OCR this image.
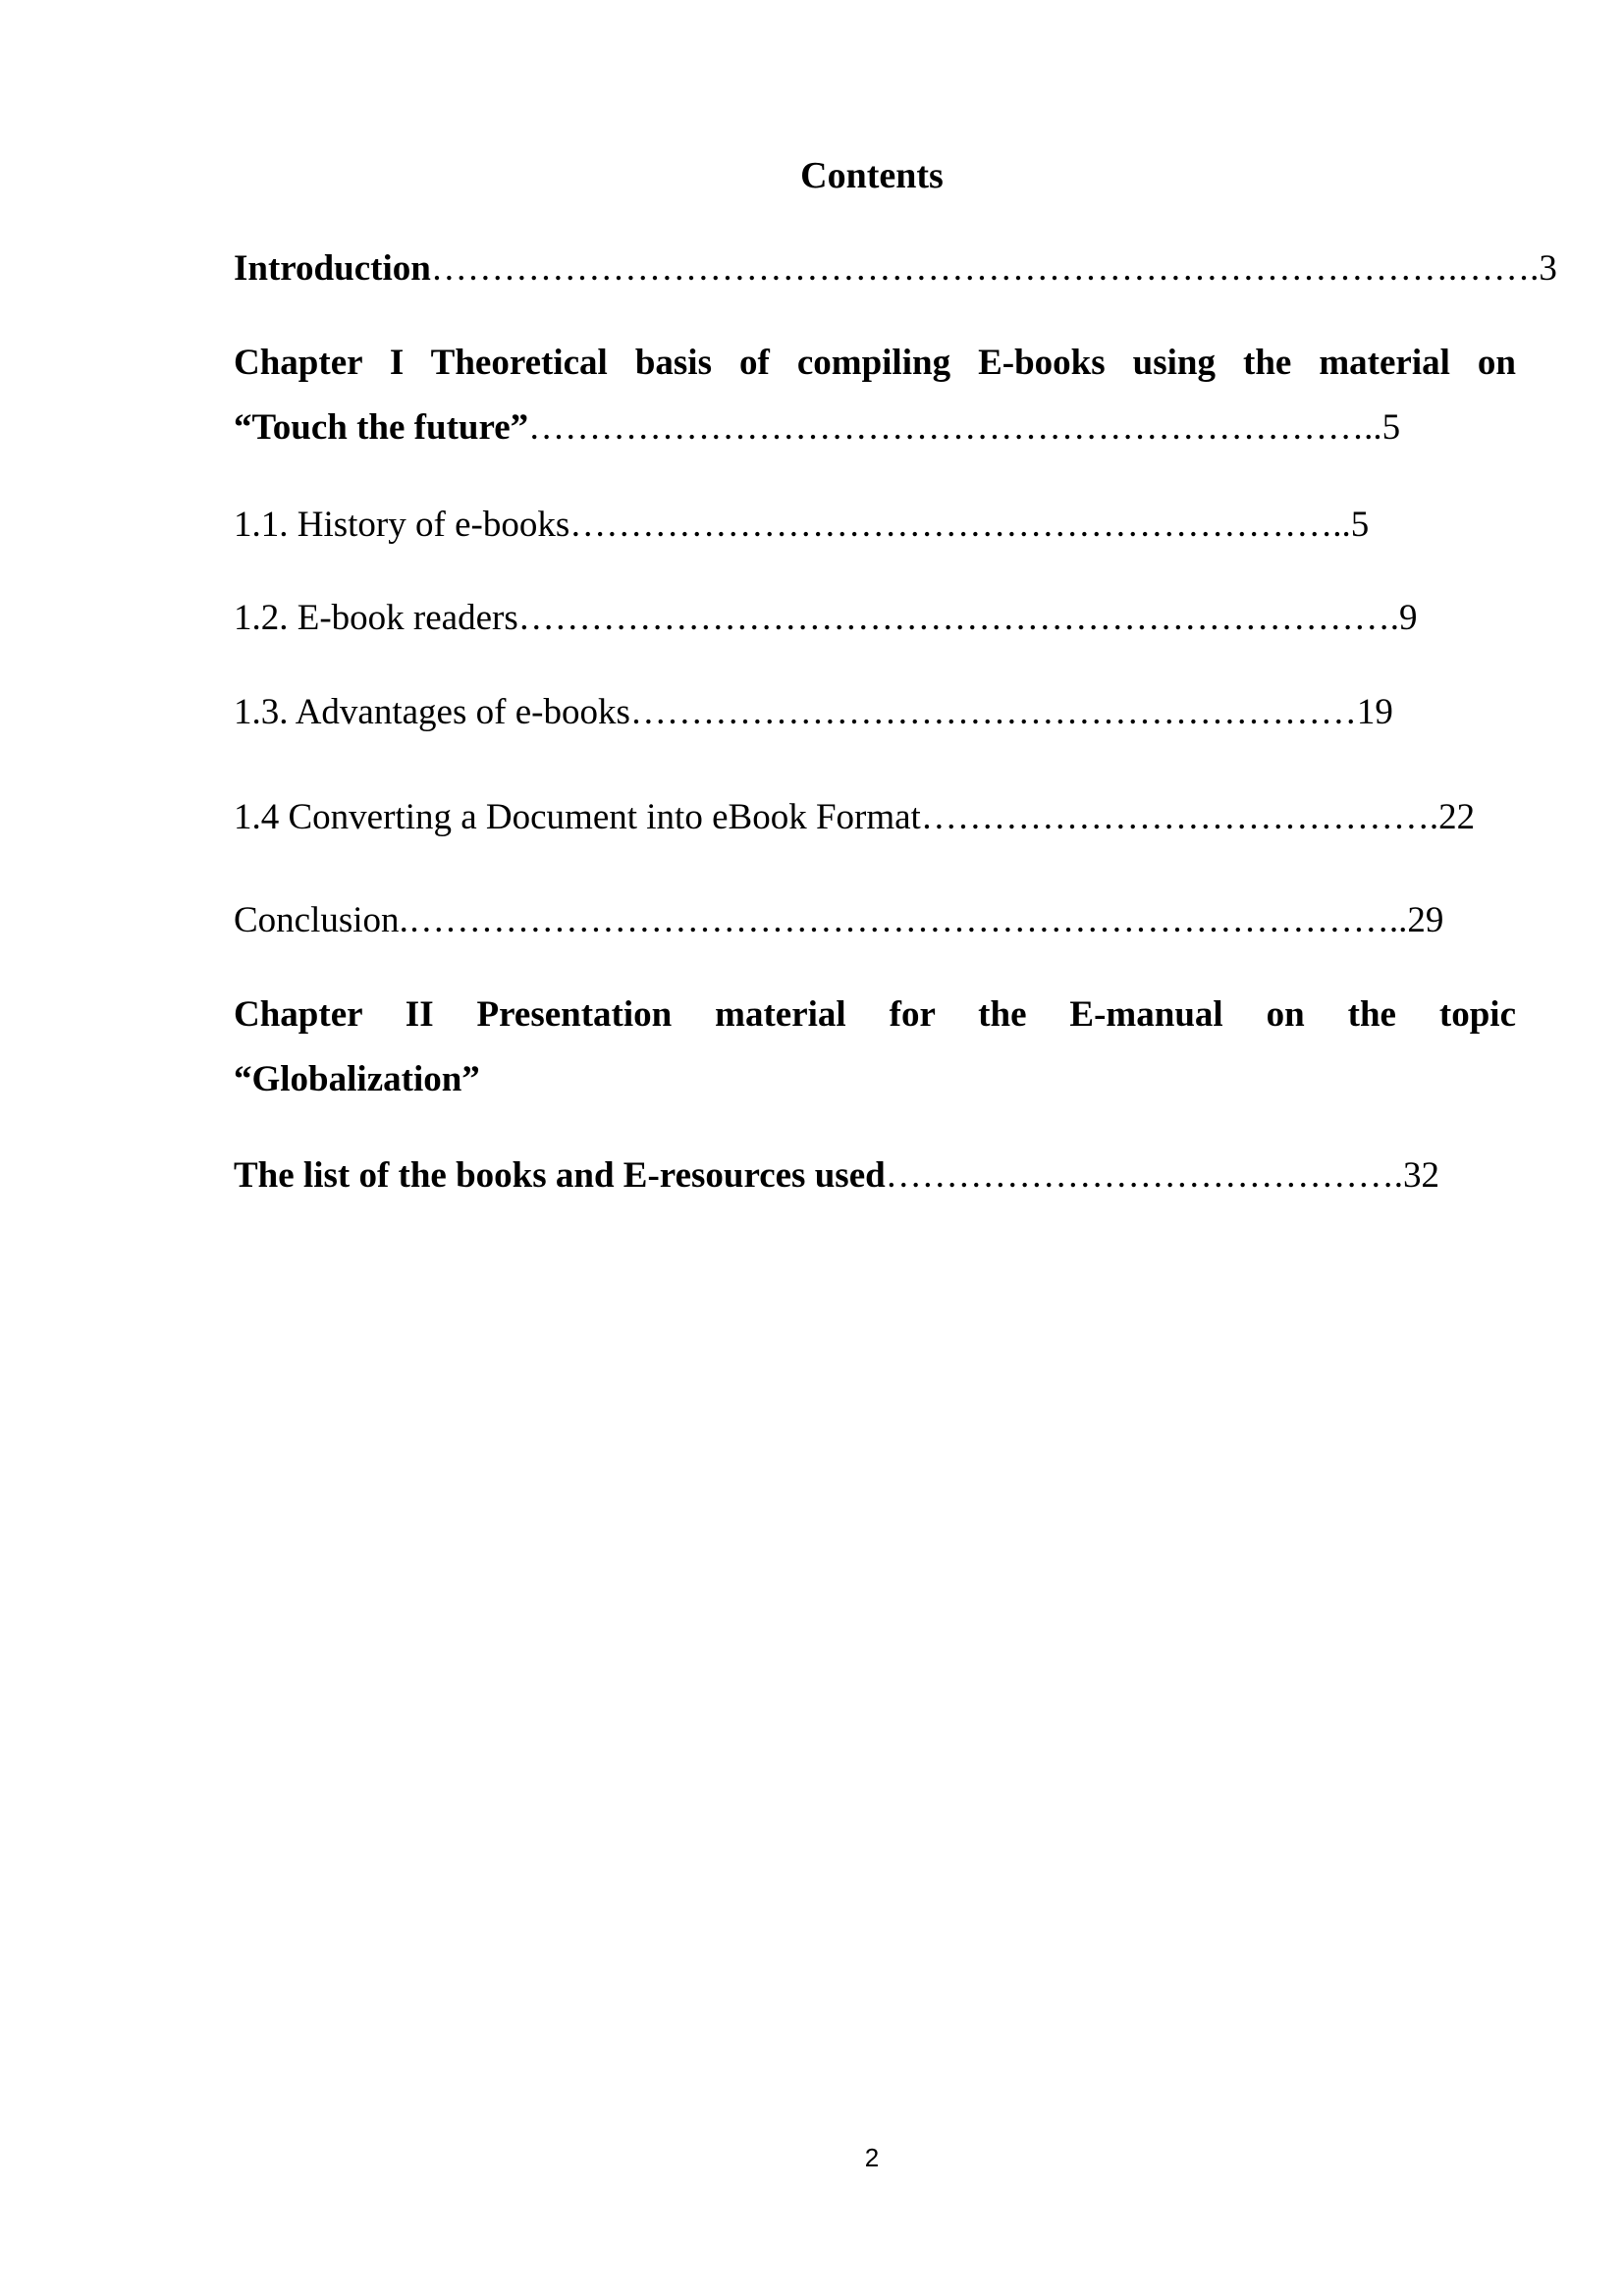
Contents
Introduction………………………………………………………………………….…….3
Chapter I Theoretical basis of compiling E-books using the material on
“Touch the future”……………………………………………………………..5
1.1. History of e-books………………………………………………………..5
1.2. E-book readers……………………………………………………………….9
1.3. Advantages of e-books……………………………………………………19
1.4 Converting a Document into eBook Format…………………………………….22
Conclusion.………………………………………………………………………..29
Chapter II Presentation material for the E-manual on the topic
“Globalization”
The list of the books and E-resources used…………………………………….32
2
